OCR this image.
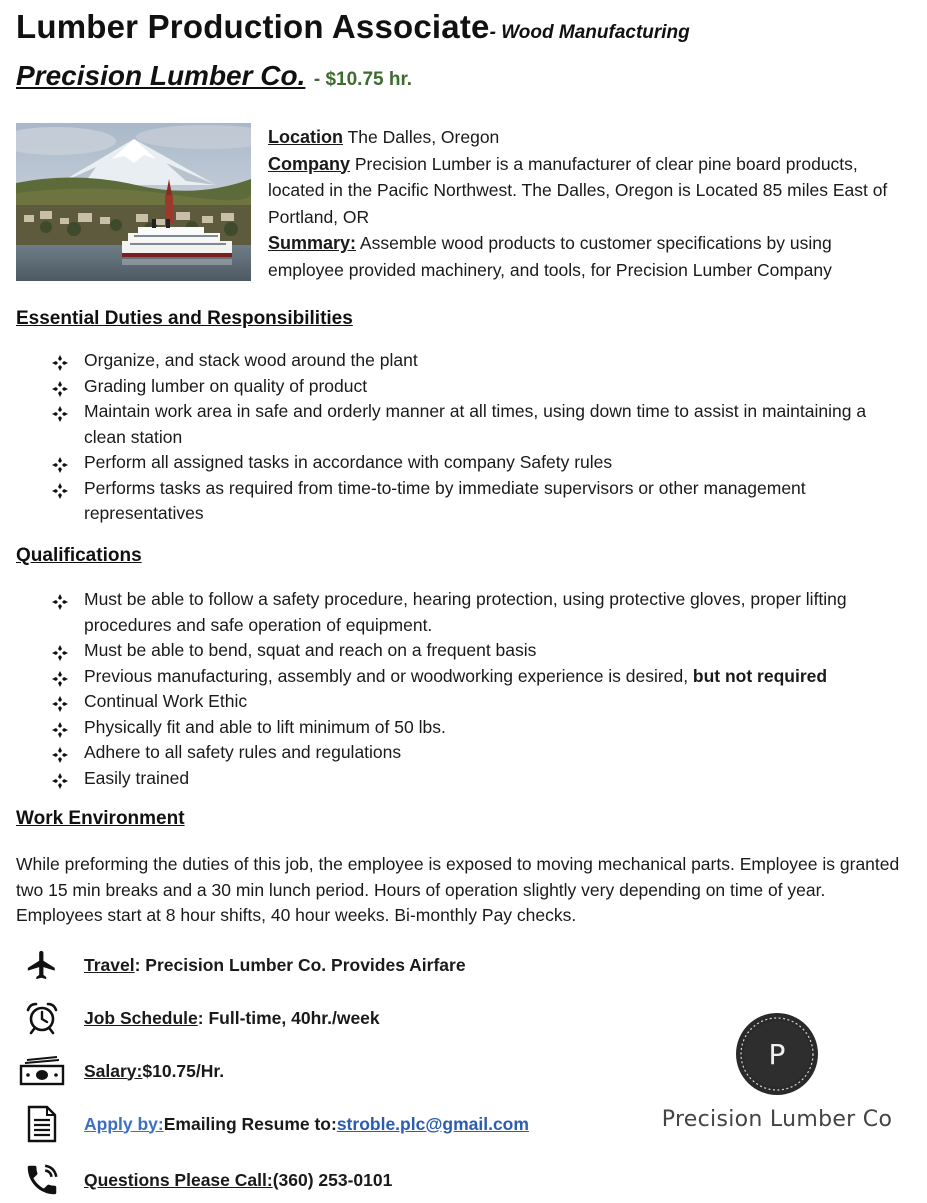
Lumber Production Associate- Wood Manufacturing
Precision Lumber Co. - $10.75 hr.
Location The Dalles, Oregon
Company Precision Lumber is a manufacturer of clear pine board products, located in the Pacific Northwest. The Dalles, Oregon is Located 85 miles East of Portland, OR
Summary: Assemble wood products to customer specifications by using employee provided machinery, and tools, for Precision Lumber Company
Essential Duties and Responsibilities
Organize, and stack wood around the plant
Grading lumber on quality of product
Maintain work area in safe and orderly manner at all times, using down time to assist in maintaining a clean station
Perform all assigned tasks in accordance with company Safety rules
Performs tasks as required from time-to-time by immediate supervisors or other management representatives
Qualifications
Must be able to follow a safety procedure, hearing protection, using protective gloves, proper lifting procedures and safe operation of equipment.
Must be able to bend, squat and reach on a frequent basis
Previous manufacturing, assembly and or woodworking experience is desired, but not required
Continual Work Ethic
Physically fit and able to lift minimum of 50 lbs.
Adhere to all safety rules and regulations
Easily trained
Work Environment
While preforming the duties of this job, the employee is exposed to moving mechanical parts. Employee is granted two 15 min breaks and a 30 min lunch period. Hours of operation slightly very depending on time of year. Employees start at 8 hour shifts, 40 hour weeks. Bi-monthly Pay checks.
Travel : Precision Lumber Co. Provides Airfare
Job Schedule : Full-time, 40hr./week
Salary: $10.75/Hr.
Apply by: Emailing Resume to: stroble.plc@gmail.com
Questions Please Call: (360) 253-0101
P
Precision Lumber Co
